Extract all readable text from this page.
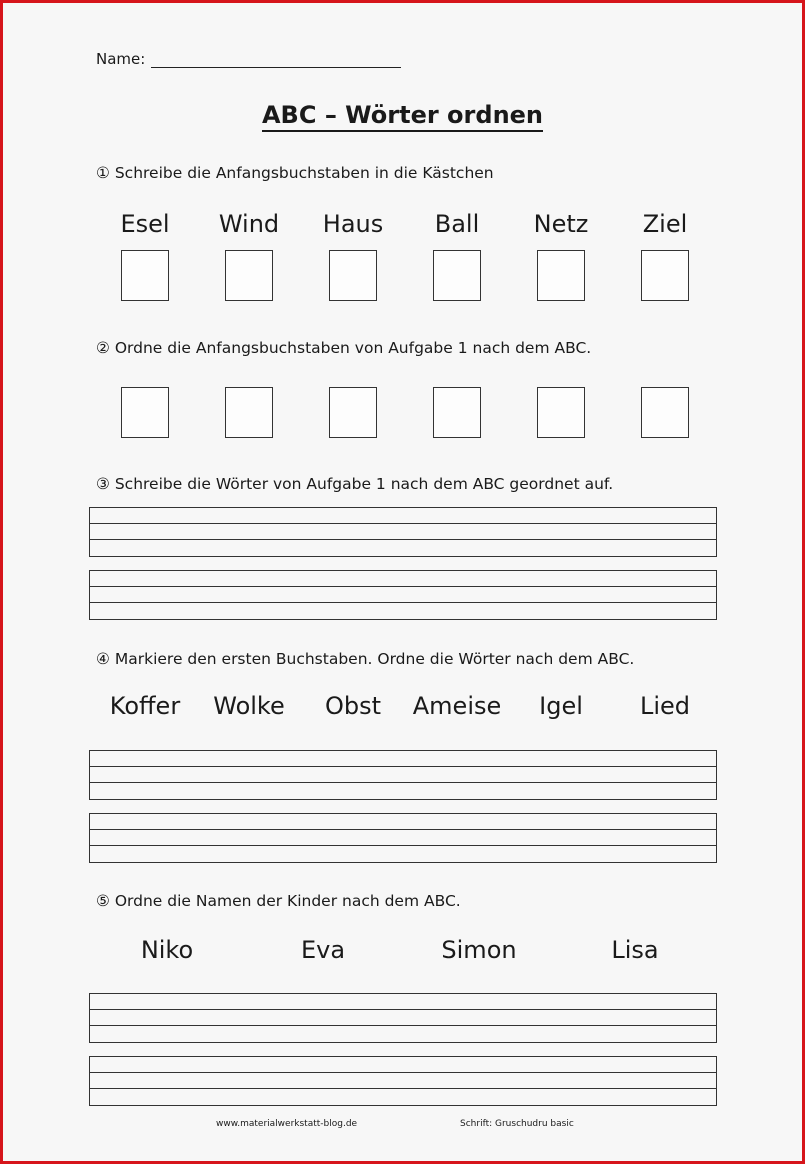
Name:
ABC – Wörter ordnen
① Schreibe die Anfangsbuchstaben in die Kästchen
Esel	Wind	Haus	Ball	Netz	Ziel
② Ordne die Anfangsbuchstaben von Aufgabe 1 nach dem ABC.
③ Schreibe die Wörter von Aufgabe 1 nach dem ABC geordnet auf.
④ Markiere den ersten Buchstaben. Ordne die Wörter nach dem ABC.
Koffer	Wolke	Obst	Ameise	Igel	Lied
⑤ Ordne die Namen der Kinder nach dem ABC.
Niko	Eva	Simon	Lisa
www.materialwerkstatt-blog.de	Schrift: Gruschudru basic
